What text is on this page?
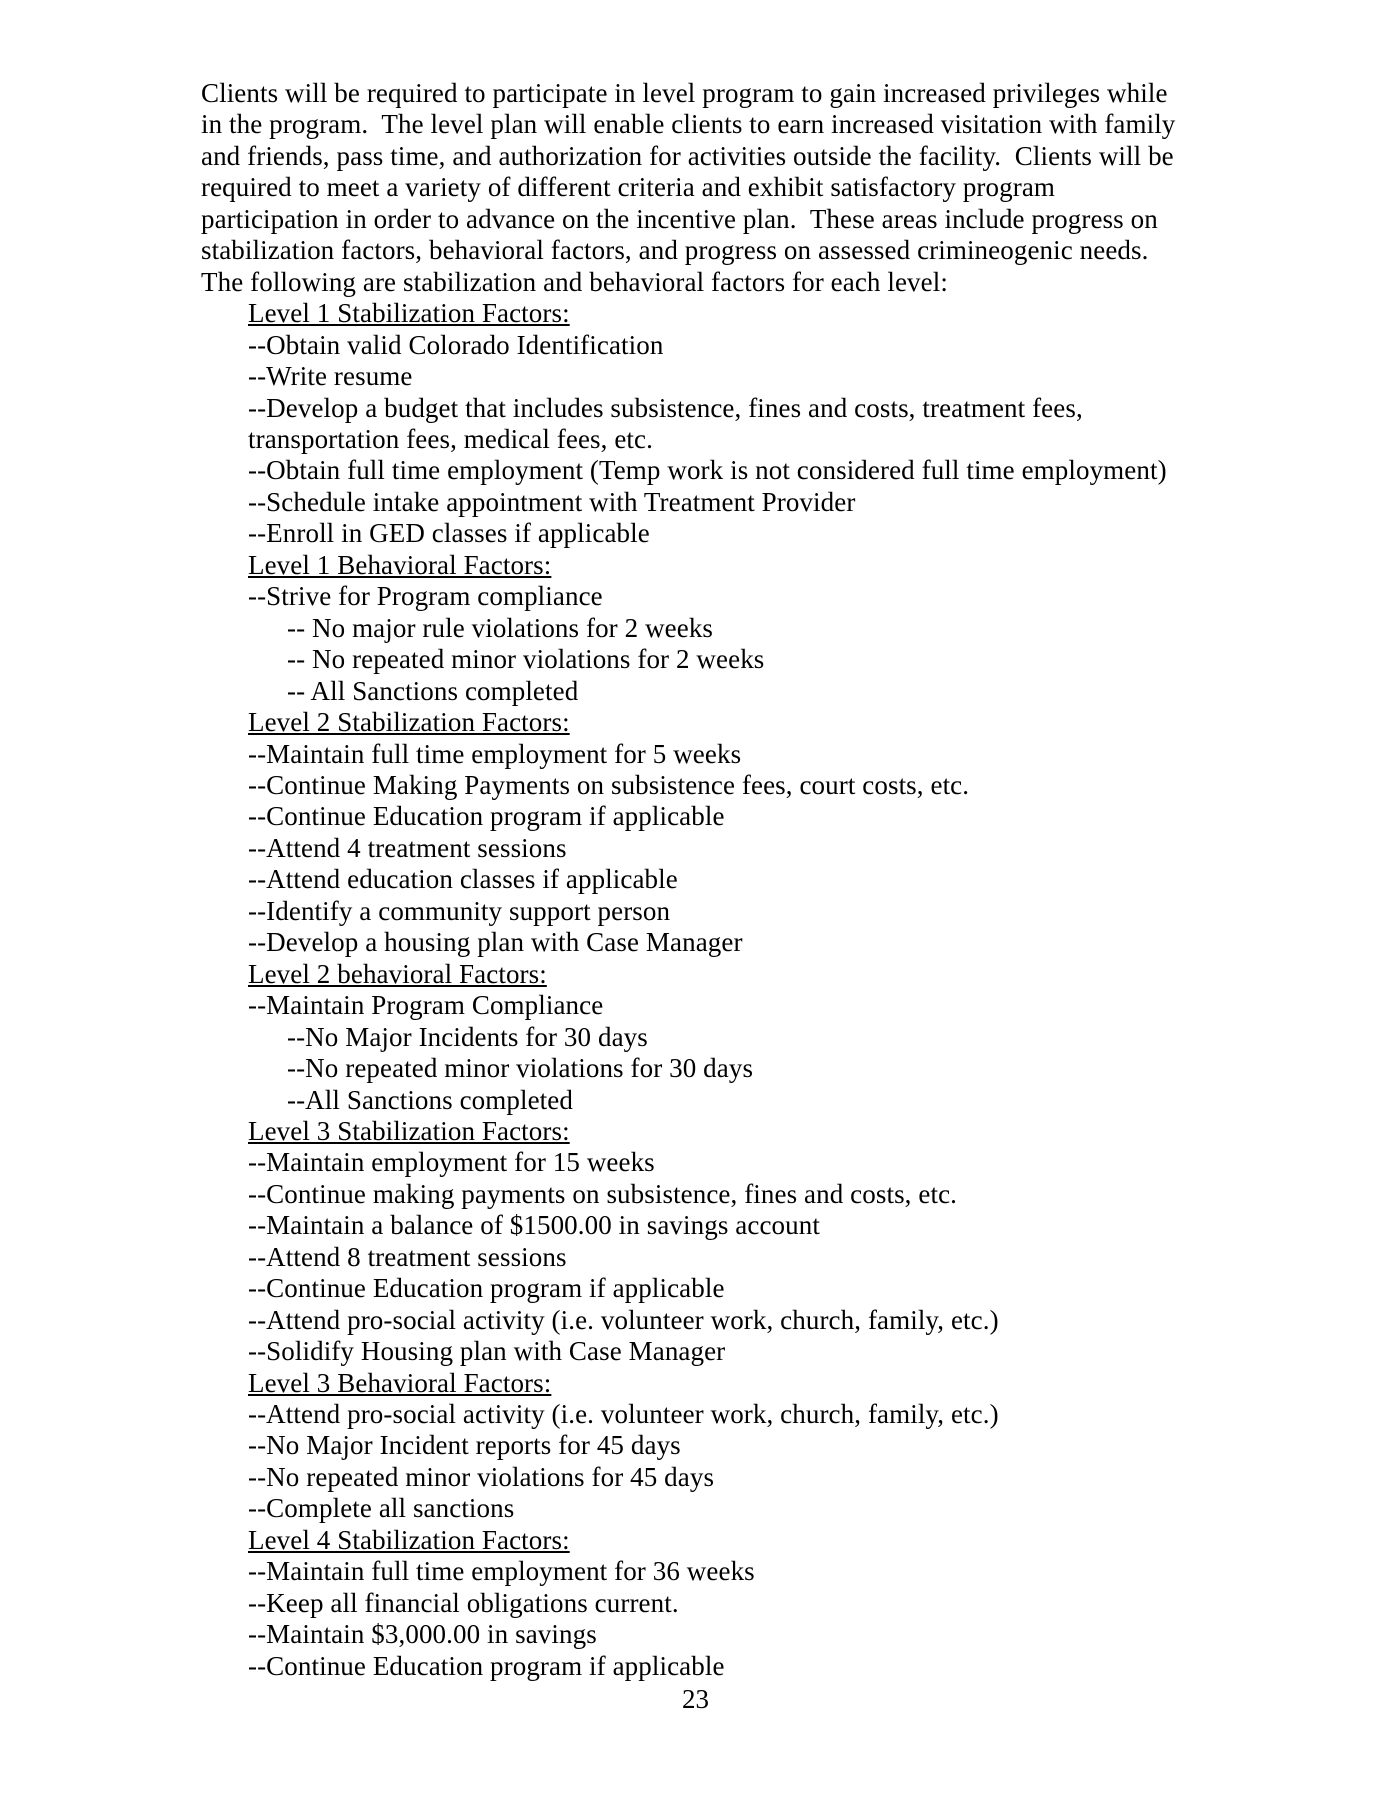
Clients will be required to participate in level program to gain increased privileges while
in the program.  The level plan will enable clients to earn increased visitation with family
and friends, pass time, and authorization for activities outside the facility.  Clients will be
required to meet a variety of different criteria and exhibit satisfactory program
participation in order to advance on the incentive plan.  These areas include progress on
stabilization factors, behavioral factors, and progress on assessed crimineogenic needs.
The following are stabilization and behavioral factors for each level:
Level 1 Stabilization Factors:
--Obtain valid Colorado Identification
--Write resume
--Develop a budget that includes subsistence, fines and costs, treatment fees,
transportation fees, medical fees, etc.
--Obtain full time employment (Temp work is not considered full time employment)
--Schedule intake appointment with Treatment Provider
--Enroll in GED classes if applicable
Level 1 Behavioral Factors:
--Strive for Program compliance
-- No major rule violations for 2 weeks
-- No repeated minor violations for 2 weeks
-- All Sanctions completed
Level 2 Stabilization Factors:
--Maintain full time employment for 5 weeks
--Continue Making Payments on subsistence fees, court costs, etc.
--Continue Education program if applicable
--Attend 4 treatment sessions
--Attend education classes if applicable
--Identify a community support person
--Develop a housing plan with Case Manager
Level 2 behavioral Factors:
--Maintain Program Compliance
--No Major Incidents for 30 days
--No repeated minor violations for 30 days
--All Sanctions completed
Level 3 Stabilization Factors:
--Maintain employment for 15 weeks
--Continue making payments on subsistence, fines and costs, etc.
--Maintain a balance of $1500.00 in savings account
--Attend 8 treatment sessions
--Continue Education program if applicable
--Attend pro-social activity (i.e. volunteer work, church, family, etc.)
--Solidify Housing plan with Case Manager
Level 3 Behavioral Factors:
--Attend pro-social activity (i.e. volunteer work, church, family, etc.)
--No Major Incident reports for 45 days
--No repeated minor violations for 45 days
--Complete all sanctions
Level 4 Stabilization Factors:
--Maintain full time employment for 36 weeks
--Keep all financial obligations current.
--Maintain $3,000.00 in savings
--Continue Education program if applicable
23
